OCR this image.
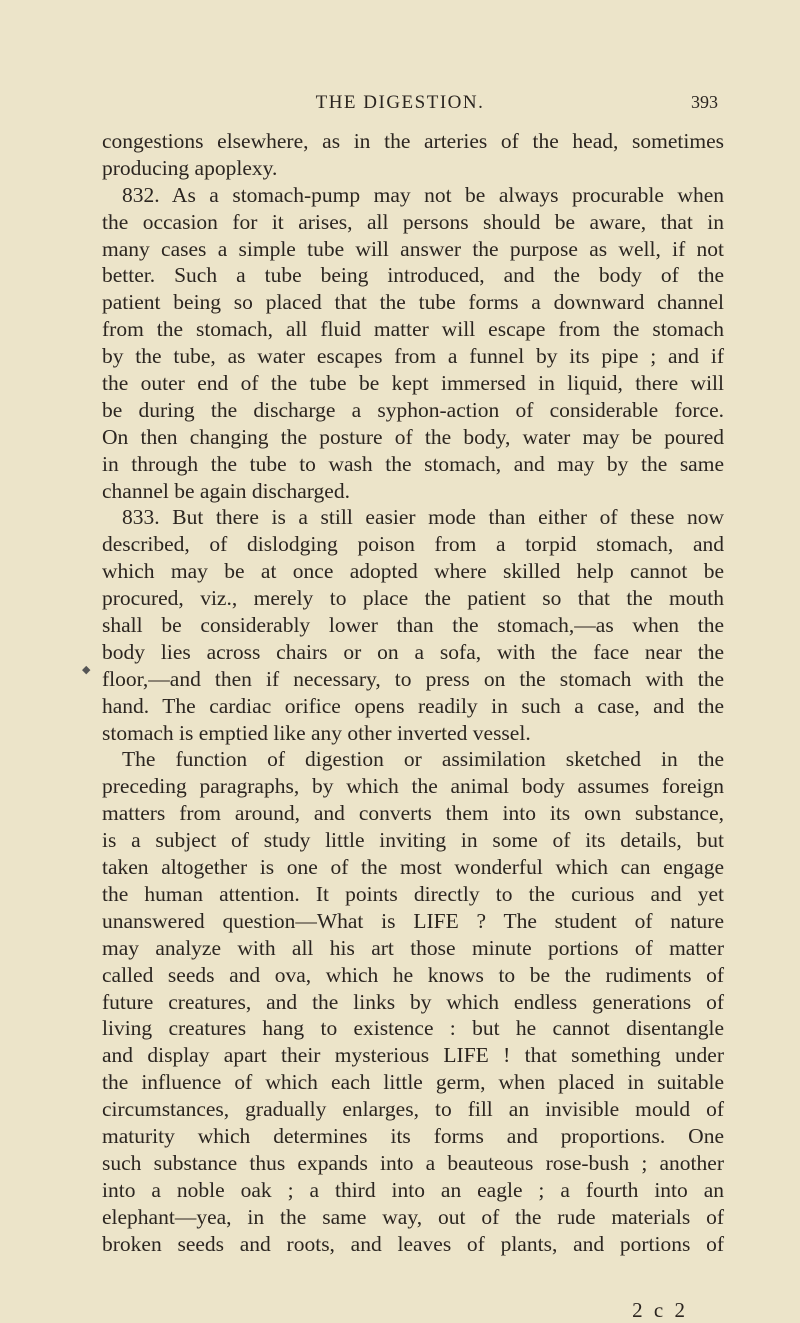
THE DIGESTION.	393
◆
congestions elsewhere, as in the arteries of the head, sometimes
producing apoplexy.
832. As a stomach-pump may not be always procurable when
the occasion for it arises, all persons should be aware, that in
many cases a simple tube will answer the purpose as well, if not
better. Such a tube being introduced, and the body of the
patient being so placed that the tube forms a downward channel
from the stomach, all fluid matter will escape from the stomach
by the tube, as water escapes from a funnel by its pipe ; and if
the outer end of the tube be kept immersed in liquid, there will
be during the discharge a syphon-action of considerable force.
On then changing the posture of the body, water may be poured
in through the tube to wash the stomach, and may by the same
channel be again discharged.
833. But there is a still easier mode than either of these now
described, of dislodging poison from a torpid stomach, and
which may be at once adopted where skilled help cannot be
procured, viz., merely to place the patient so that the mouth
shall be considerably lower than the stomach,—as when the
body lies across chairs or on a sofa, with the face near the
floor,—and then if necessary, to press on the stomach with the
hand. The cardiac orifice opens readily in such a case, and the
stomach is emptied like any other inverted vessel.
The function of digestion or assimilation sketched in the
preceding paragraphs, by which the animal body assumes foreign
matters from around, and converts them into its own substance,
is a subject of study little inviting in some of its details, but
taken altogether is one of the most wonderful which can engage
the human attention. It points directly to the curious and yet
unanswered question—What is LIFE ? The student of nature
may analyze with all his art those minute portions of matter
called seeds and ova, which he knows to be the rudiments of
future creatures, and the links by which endless generations of
living creatures hang to existence : but he cannot disentangle
and display apart their mysterious LIFE ! that something under
the influence of which each little germ, when placed in suitable
circumstances, gradually enlarges, to fill an invisible mould of
maturity which determines its forms and proportions. One
such substance thus expands into a beauteous rose-bush ; another
into a noble oak ; a third into an eagle ; a fourth into an
elephant—yea, in the same way, out of the rude materials of
broken seeds and roots, and leaves of plants, and portions of
2 c 2
